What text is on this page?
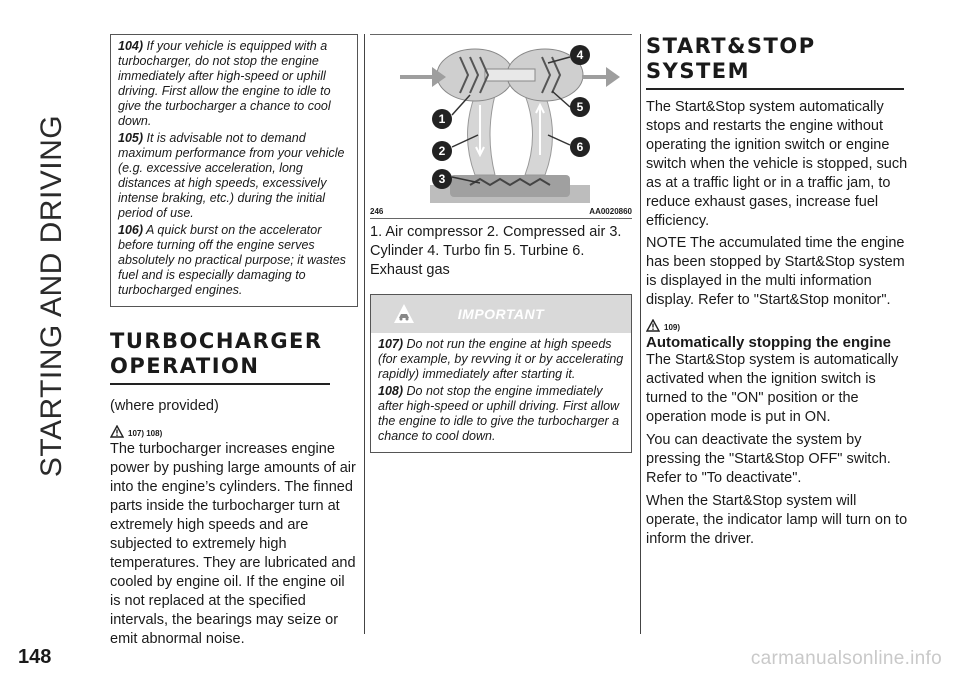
STARTING AND DRIVING

104) If your vehicle is equipped with a turbocharger, do not stop the engine immediately after high-speed or uphill driving. First allow the engine to idle to give the turbocharger a chance to cool down.

105) It is advisable not to demand maximum performance from your vehicle (e.g. excessive acceleration, long distances at high speeds, excessively intense braking, etc.) during the initial period of use.

106) A quick burst on the accelerator before turning off the engine serves absolutely no practical purpose; it wastes fuel and is especially damaging to turbocharged engines.

TURBOCHARGER OPERATION

(where provided)

107) 108)

The turbocharger increases engine power by pushing large amounts of air into the engine’s cylinders. The finned parts inside the turbocharger turn at extremely high speeds and are subjected to extremely high temperatures. They are lubricated and cooled by engine oil. If the engine oil is not replaced at the specified intervals, the bearings may seize or emit abnormal noise.

1
2
3
4
5
6
246	AA0020860

1. Air compressor 2. Compressed air 3. Cylinder 4. Turbo fin 5. Turbine 6. Exhaust gas

IMPORTANT

107) Do not run the engine at high speeds (for example, by revving it or by accelerating rapidly) immediately after starting it.

108) Do not stop the engine immediately after high-speed or uphill driving. First allow the engine to idle to give the turbocharger a chance to cool down.

START&STOP SYSTEM

The Start&Stop system automatically stops and restarts the engine without operating the ignition switch or engine switch when the vehicle is stopped, such as at a traffic light or in a traffic jam, to reduce exhaust gases, increase fuel efficiency.

NOTE The accumulated time the engine has been stopped by Start&Stop system is displayed in the multi information display. Refer to "Start&Stop monitor".

109)

Automatically stopping the engine

The Start&Stop system is automatically activated when the ignition switch is turned to the "ON" position or the operation mode is put in ON.

You can deactivate the system by pressing the "Start&Stop OFF" switch. Refer to "To deactivate".

When the Start&Stop system will operate, the indicator lamp will turn on to inform the driver.

148	carmanualsonline.info
